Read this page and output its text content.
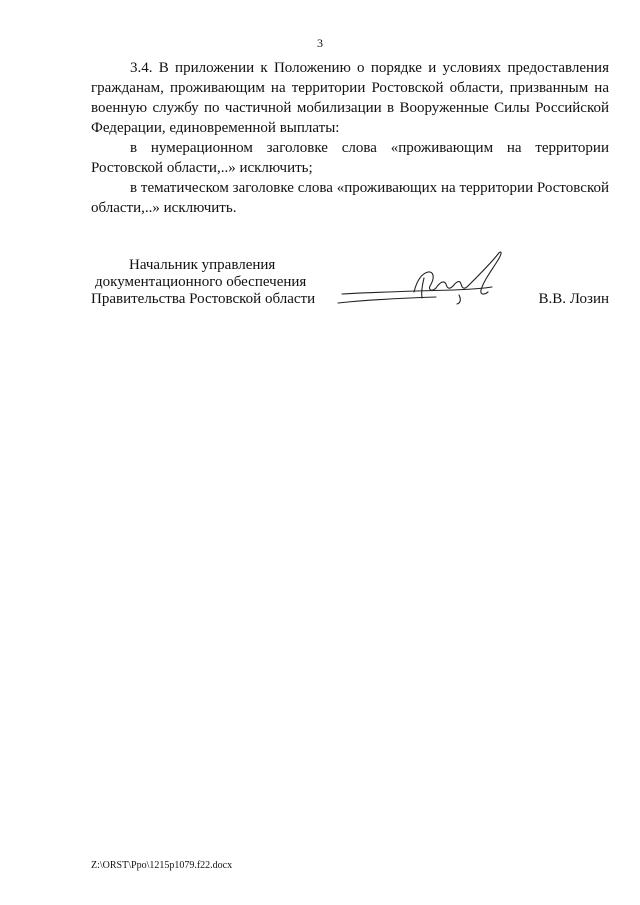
3

3.4. В приложении к Положению о порядке и условиях предоставления гражданам, проживающим на территории Ростовской области, призванным на военную службу по частичной мобилизации в Вооруженные Силы Российской Федерации, единовременной выплаты:

в нумерационном заголовке слова «проживающим на территории Ростовской области,..» исключить;

в тематическом заголовке слова «проживающих на территории Ростовской области,..» исключить.

Начальник управления
документационного обеспечения
Правительства Ростовской области	В.В. Лозин
Z:\ORST\Ppo\1215p1079.f22.docx
